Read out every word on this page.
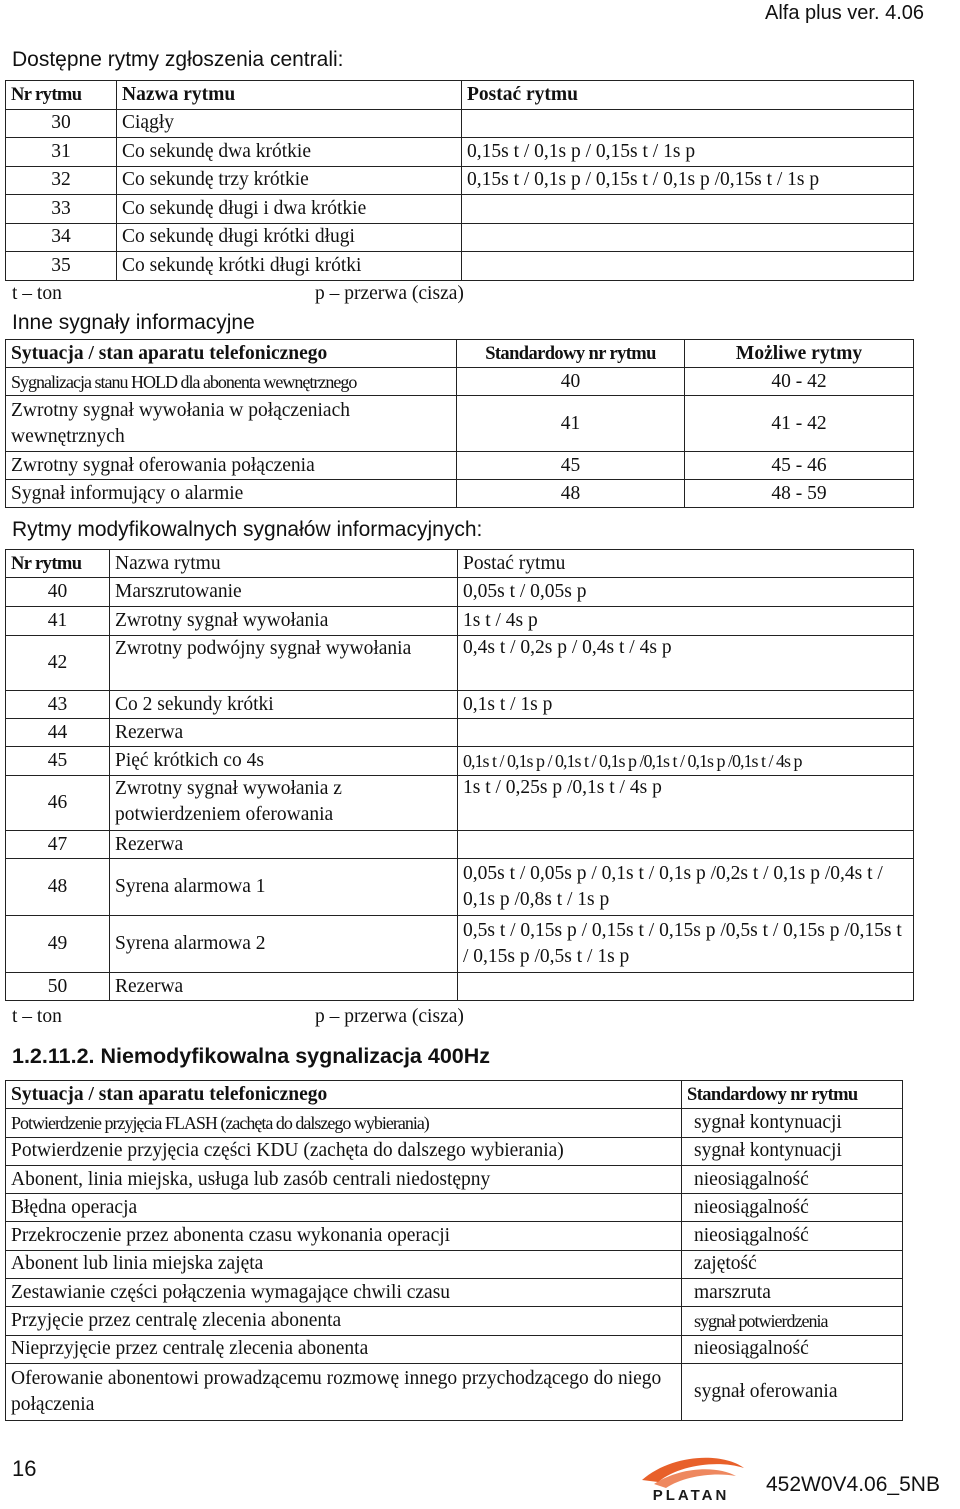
Alfa plus ver. 4.06
Dostępne rytmy zgłoszenia centrali:
Nr rytmu	Nazwa rytmu	Postać rytmu
30	Ciągły	
31	Co sekundę dwa krótkie	0,15s t / 0,1s p / 0,15s t / 1s p
32	Co sekundę trzy krótkie	0,15s t / 0,1s p / 0,15s t / 0,1s p /0,15s t / 1s p
33	Co sekundę długi i dwa krótkie	
34	Co sekundę długi krótki długi	
35	Co sekundę krótki długi krótki	
t – ton	p – przerwa (cisza)
Inne sygnały informacyjne
Sytuacja / stan aparatu telefonicznego	Standardowy nr rytmu	Możliwe rytmy
Sygnalizacja stanu HOLD dla abonenta wewnętrznego	40	40 - 42
Zwrotny sygnał wywołania w połączeniach wewnętrznych	41	41 - 42
Zwrotny sygnał oferowania połączenia	45	45 - 46
Sygnał informujący o alarmie	48	48 - 59
Rytmy modyfikowalnych sygnałów informacyjnych:
Nr rytmu	Nazwa rytmu	Postać rytmu
40	Marszrutowanie	0,05s t / 0,05s p
41	Zwrotny sygnał wywołania	1s t / 4s p
42	Zwrotny podwójny sygnał wywołania	0,4s t / 0,2s p / 0,4s t / 4s p
43	Co 2 sekundy krótki	0,1s t / 1s p
44	Rezerwa	
45	Pięć krótkich co 4s	0,1s t / 0,1s p / 0,1s t / 0,1s p /0,1s t / 0,1s p /0,1s t / 4s p
46	Zwrotny sygnał wywołania z potwierdzeniem oferowania	1s t / 0,25s p /0,1s t / 4s p
47	Rezerwa	
48	Syrena alarmowa 1	0,05s t / 0,05s p / 0,1s t / 0,1s p /0,2s t / 0,1s p /0,4s t / 0,1s p /0,8s t / 1s p
49	Syrena alarmowa 2	0,5s t / 0,15s p / 0,15s t / 0,15s p /0,5s t / 0,15s p /0,15s t / 0,15s p /0,5s t / 1s p
50	Rezerwa	
t – ton	p – przerwa (cisza)
1.2.11.2. Niemodyfikowalna sygnalizacja 400Hz
Sytuacja / stan aparatu telefonicznego	Standardowy nr rytmu
Potwierdzenie przyjęcia FLASH (zachęta do dalszego wybierania)	sygnał kontynuacji
Potwierdzenie przyjęcia części KDU (zachęta do dalszego wybierania)	sygnał kontynuacji
Abonent, linia miejska, usługa lub zasób centrali niedostępny	nieosiągalność
Błędna operacja	nieosiągalność
Przekroczenie przez abonenta czasu wykonania operacji	nieosiągalność
Abonent lub linia miejska zajęta	zajętość
Zestawianie części połączenia wymagające chwili czasu	marszruta
Przyjęcie przez centralę zlecenia abonenta	sygnał potwierdzenia
Nieprzyjęcie przez centralę zlecenia abonenta	nieosiągalność
Oferowanie abonentowi prowadzącemu rozmowę innego przychodzącego do niego połączenia	sygnał oferowania
16
PLATAN 452W0V4.06_5NB
